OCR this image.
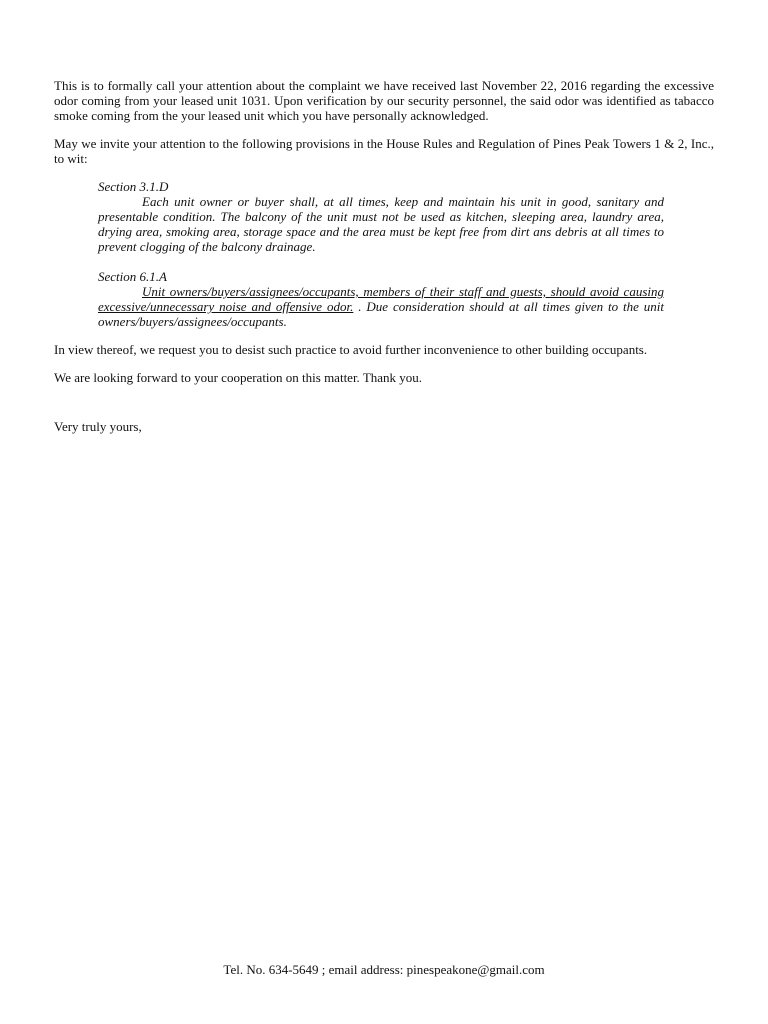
This is to formally call your attention about the complaint we have received last November 22, 2016 regarding the excessive odor coming from your leased unit 1031. Upon verification by our security personnel, the said odor was identified as tabacco smoke coming from the your leased unit which you have personally acknowledged.

May we invite your attention to the following provisions in the House Rules and Regulation of Pines Peak Towers 1 & 2, Inc., to wit:

Section 3.1.D

Each unit owner or buyer shall, at all times, keep and maintain his unit in good, sanitary and presentable condition. The balcony of the unit must not be used as kitchen, sleeping area, laundry area, drying area, smoking area, storage space and the area must be kept free from dirt ans debris at all times to prevent clogging of the balcony drainage.

Section 6.1.A

Unit owners/buyers/assignees/occupants, members of their staff and guests, should avoid causing excessive/unnecessary noise and offensive odor. . Due consideration should at all times given to the unit owners/buyers/assignees/occupants.

In view thereof, we request you to desist such practice to avoid further inconvenience to other building occupants.

We are looking forward to your cooperation on this matter. Thank you.

Very truly yours,

Tel. No. 634-5649 ; email address: pinespeakone@gmail.com
